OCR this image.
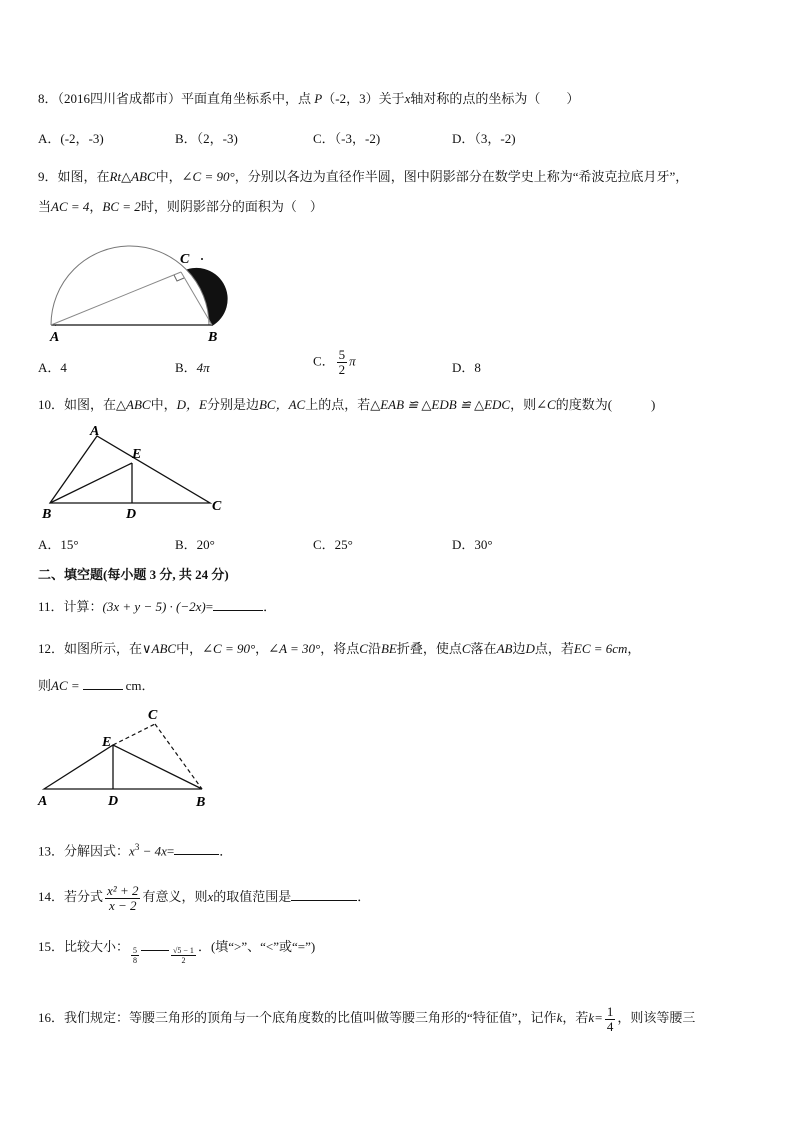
8．（2016四川省成都市）平面直角坐标系中，点 P（-2，3）关于x轴对称的点的坐标为（　　）
A．(-2，-3)	B．（2，-3)	C．（-3，-2)	D．（3，-2)
9．如图，在Rt△ABC中，∠C = 90°，分别以各边为直径作半圆，图中阴影部分在数学史上称为“希波克拉底月牙”，
当AC = 4，BC = 2时，则阴影部分的面积为（　）
C
A	B
A．4	B．4π	C． $\frac{5}{2}$ π	D．8
10．如图，在△ABC中，D，E分别是边BC，AC上的点，若△EAB ≌ △EDB ≌ △EDC，则∠C的度数为(　　　)
A
E
B	D
C
A．15°	B．20°	C．25°	D．30°
二、填空题(每小题 3 分, 共 24 分)
11．计算：(3x + y − 5) · (−2x)=	．
12．如图所示，在∨ABC中，∠C = 90°，∠A = 30°，将点C沿BE折叠，使点C落在AB边D点，若EC = 6cm，
则AC =	cm．
C
E
A	D	B
13．分解因式：$x^3 - 4x=$	．
14．若分式 $\frac{\text{x² + 2}}{x - 2}$ 有意义，则x的取值范围是	．
15．比较大小： $\frac{5}{8}$	$\frac{√5 - 1}{2}$ ．(填“>”、“<”或“=”)
16．我们规定：等腰三角形的顶角与一个底角度数的比值叫做等腰三角形的“特征值”，记作k，若$k= \frac{1}{4}$ ，则该等腰三
